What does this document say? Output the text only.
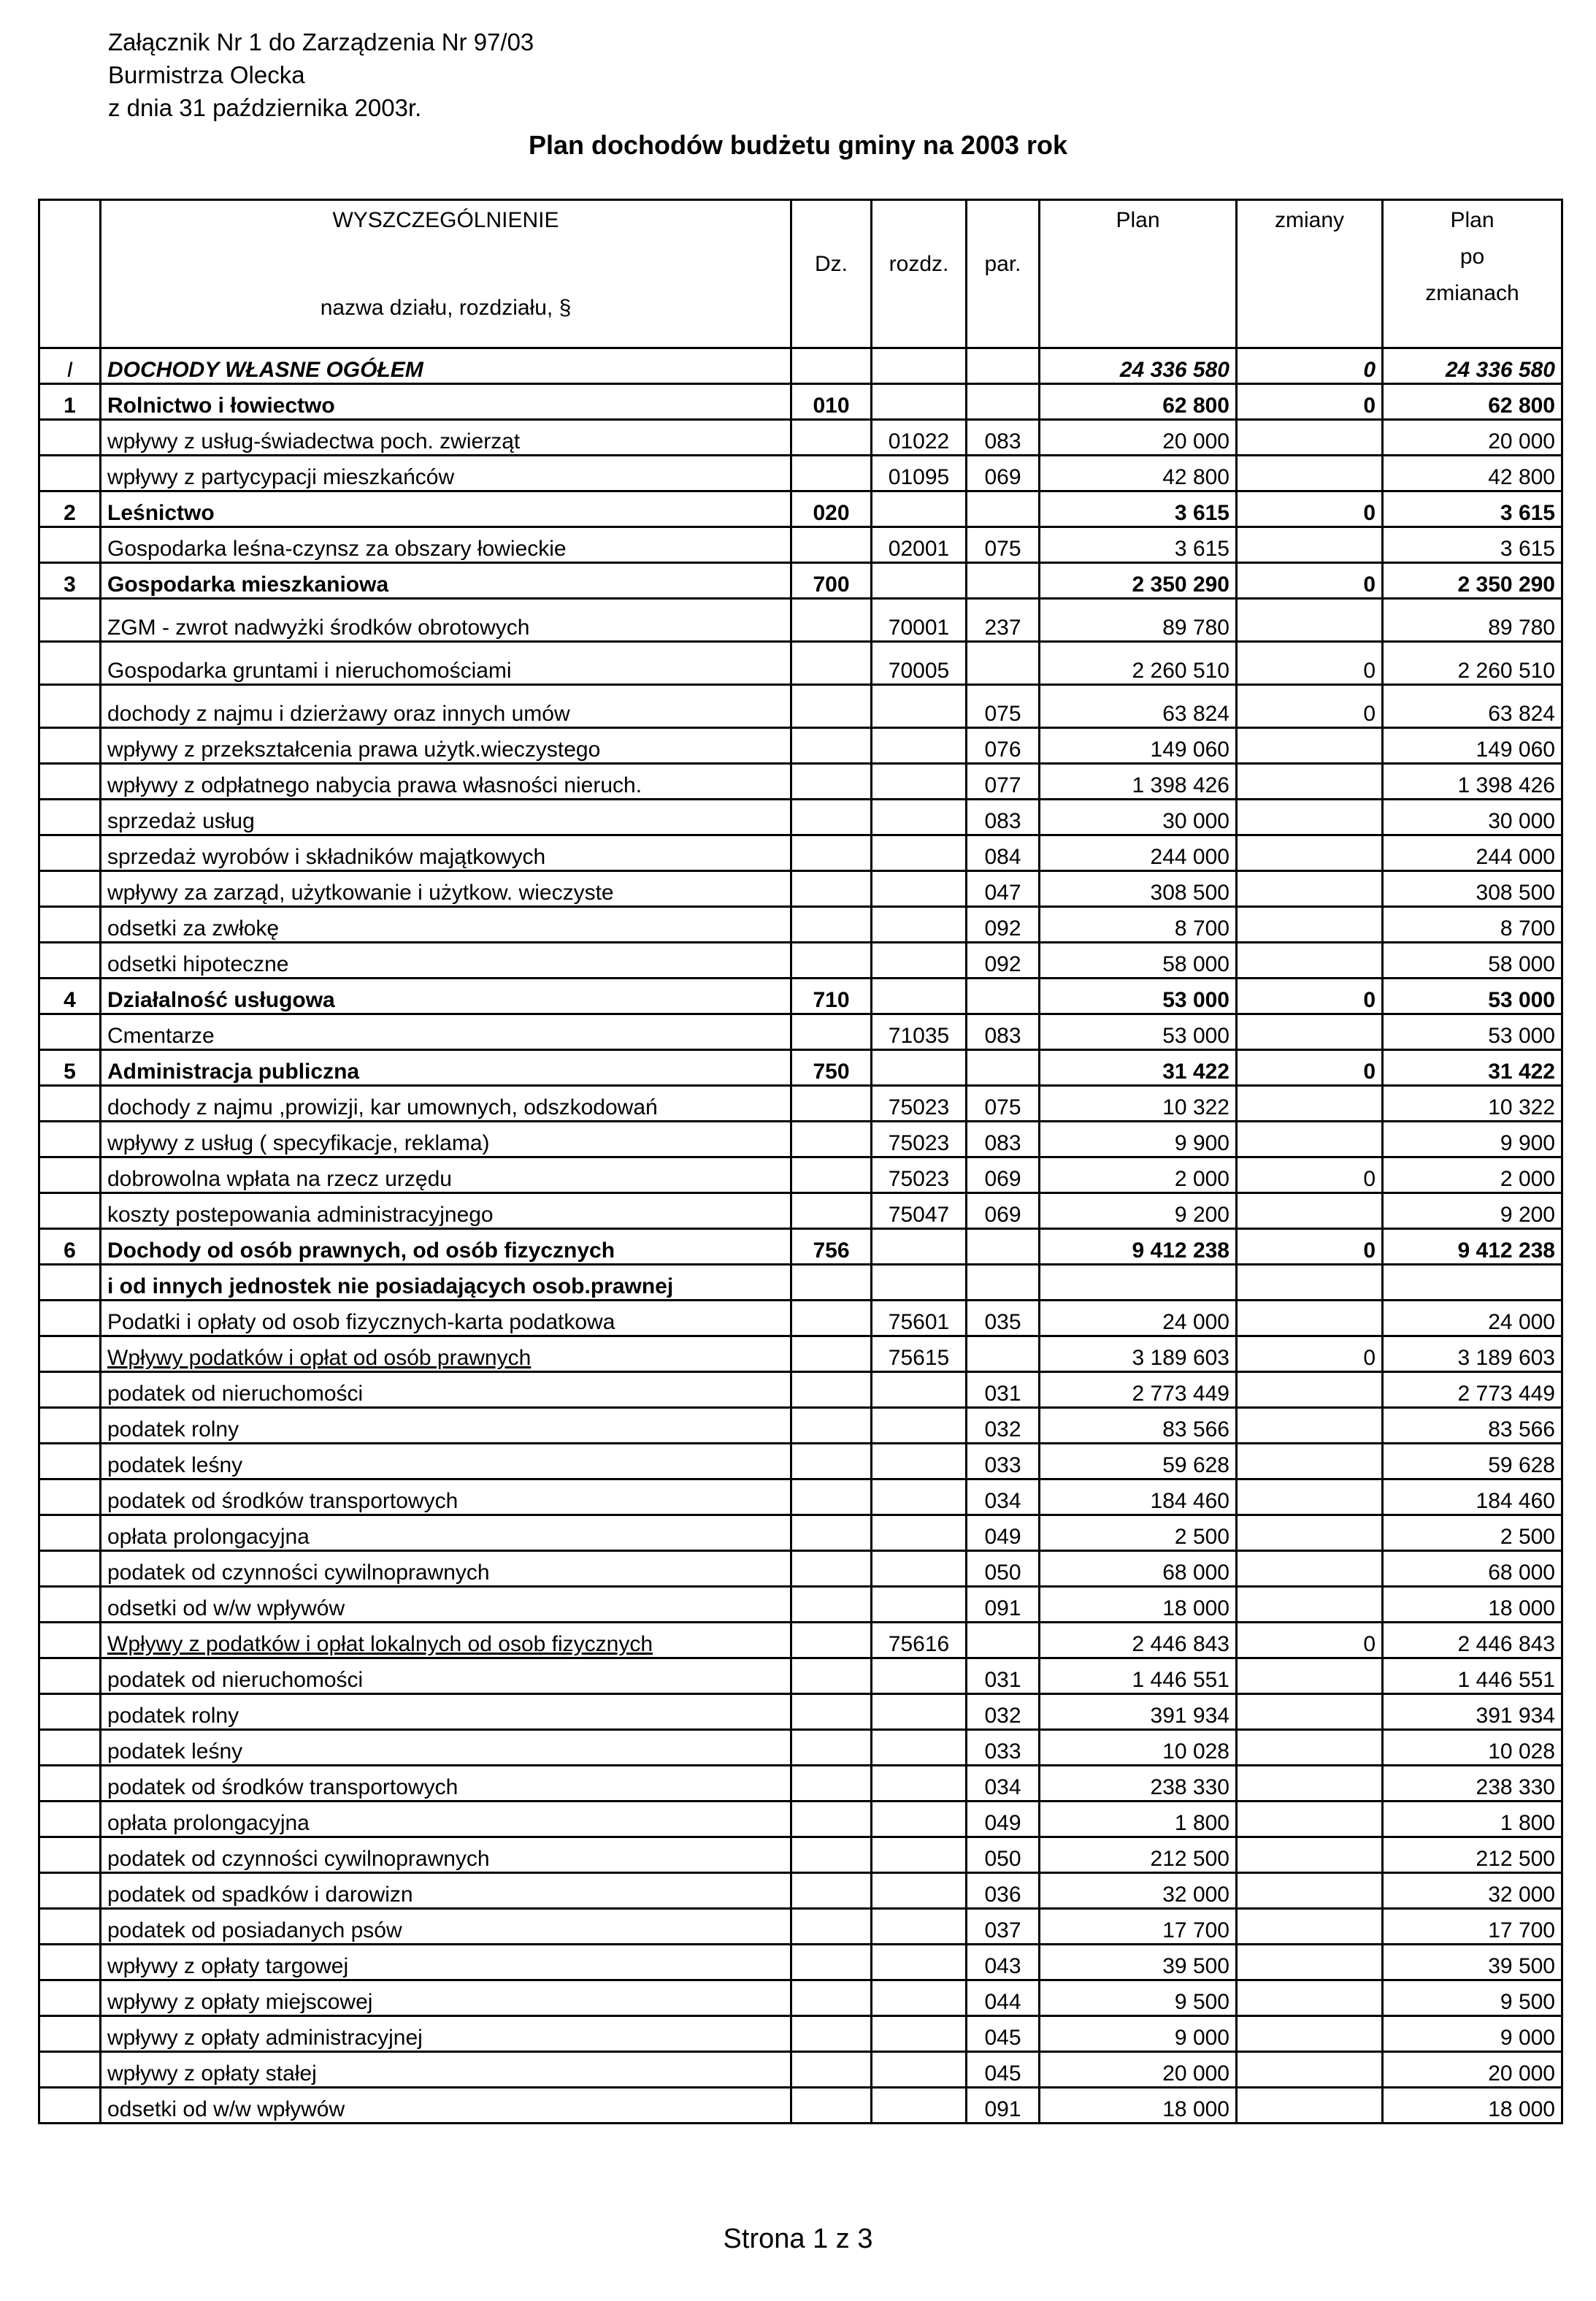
Załącznik Nr 1 do Zarządzenia Nr 97/03
Burmistrza Olecka
z dnia 31 października 2003r.
Plan dochodów budżetu gminy na 2003 rok

	WYSZCZEGÓLNIENIE
nazwa działu, rozdziału, §	Dz.	rozdz.	par.	Plan	zmiany	Plan
po
zmianach

I	DOCHODY WŁASNE OGÓŁEM				24 336 580	0	24 336 580
1	Rolnictwo i łowiectwo	010			62 800	0	62 800
	wpływy z usług-świadectwa poch. zwierząt		01022	083	20 000		20 000
	wpływy z partycypacji mieszkańców		01095	069	42 800		42 800
2	Leśnictwo	020			3 615	0	3 615
	Gospodarka leśna-czynsz za obszary łowieckie		02001	075	3 615		3 615
3	Gospodarka mieszkaniowa	700			2 350 290	0	2 350 290
	ZGM - zwrot nadwyżki środków obrotowych		70001	237	89 780		89 780
	Gospodarka gruntami i nieruchomościami		70005		2 260 510	0	2 260 510
	dochody z najmu i dzierżawy oraz innych umów			075	63 824	0	63 824
	wpływy z przekształcenia prawa użytk.wieczystego			076	149 060		149 060
	wpływy z odpłatnego nabycia prawa własności nieruch.			077	1 398 426		1 398 426
	sprzedaż usług			083	30 000		30 000
	sprzedaż wyrobów i składników majątkowych			084	244 000		244 000
	wpływy za zarząd, użytkowanie i użytkow. wieczyste			047	308 500		308 500
	odsetki za zwłokę			092	8 700		8 700
	odsetki hipoteczne			092	58 000		58 000
4	Działalność usługowa	710			53 000	0	53 000
	Cmentarze		71035	083	53 000		53 000
5	Administracja publiczna	750			31 422	0	31 422
	dochody z najmu ,prowizji, kar umownych, odszkodowań		75023	075	10 322		10 322
	wpływy z usług ( specyfikacje, reklama)		75023	083	9 900		9 900
	dobrowolna wpłata na rzecz urzędu		75023	069	2 000	0	2 000
	koszty postepowania administracyjnego		75047	069	9 200		9 200
6	Dochody od osób prawnych, od osób fizycznych	756			9 412 238	0	9 412 238
	i od innych jednostek nie posiadających osob.prawnej						
	Podatki i opłaty od osob fizycznych-karta podatkowa		75601	035	24 000		24 000
	Wpływy podatków i opłat od osób prawnych		75615		3 189 603	0	3 189 603
	podatek od nieruchomości			031	2 773 449		2 773 449
	podatek rolny			032	83 566		83 566
	podatek leśny			033	59 628		59 628
	podatek od środków transportowych			034	184 460		184 460
	opłata prolongacyjna			049	2 500		2 500
	podatek od czynności cywilnoprawnych			050	68 000		68 000
	odsetki od w/w wpływów			091	18 000		18 000
	Wpływy z podatków i opłat lokalnych od osob fizycznych		75616		2 446 843	0	2 446 843
	podatek od nieruchomości			031	1 446 551		1 446 551
	podatek rolny			032	391 934		391 934
	podatek leśny			033	10 028		10 028
	podatek od środków transportowych			034	238 330		238 330
	opłata prolongacyjna			049	1 800		1 800
	podatek od czynności cywilnoprawnych			050	212 500		212 500
	podatek od spadków i darowizn			036	32 000		32 000
	podatek od posiadanych psów			037	17 700		17 700
	wpływy z opłaty targowej			043	39 500		39 500
	wpływy z opłaty miejscowej			044	9 500		9 500
	wpływy z opłaty administracyjnej			045	9 000		9 000
	wpływy z opłaty stałej			045	20 000		20 000
	odsetki od w/w wpływów			091	18 000		18 000
Strona 1 z 3
